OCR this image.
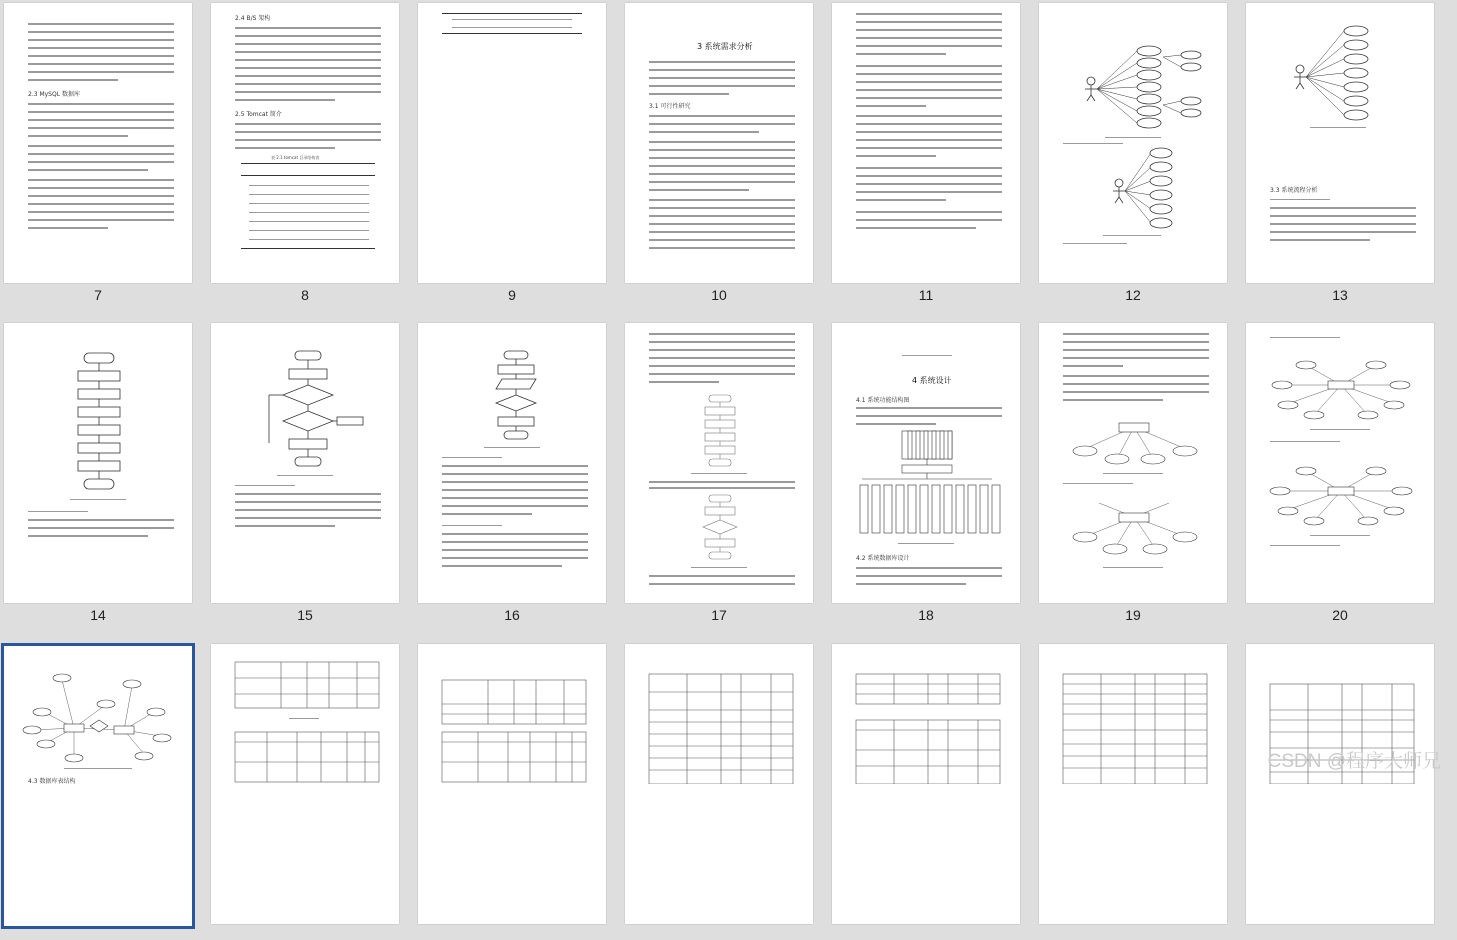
2.3 MySQL 数据库
7
2.4 B/S 架构
2.5 Tomcat 简介
表 2.1 tomcat 目录结构表
8	9
3 系统需求分析
3.1 可行性研究
10	11	12
3.3 系统流程分析
13
14	15	16	17
4 系统设计
4.1 系统功能结构图
4.2 系统数据库设计
18	19	20
4.3 数据库表结构
CSDN @程序大师兄
